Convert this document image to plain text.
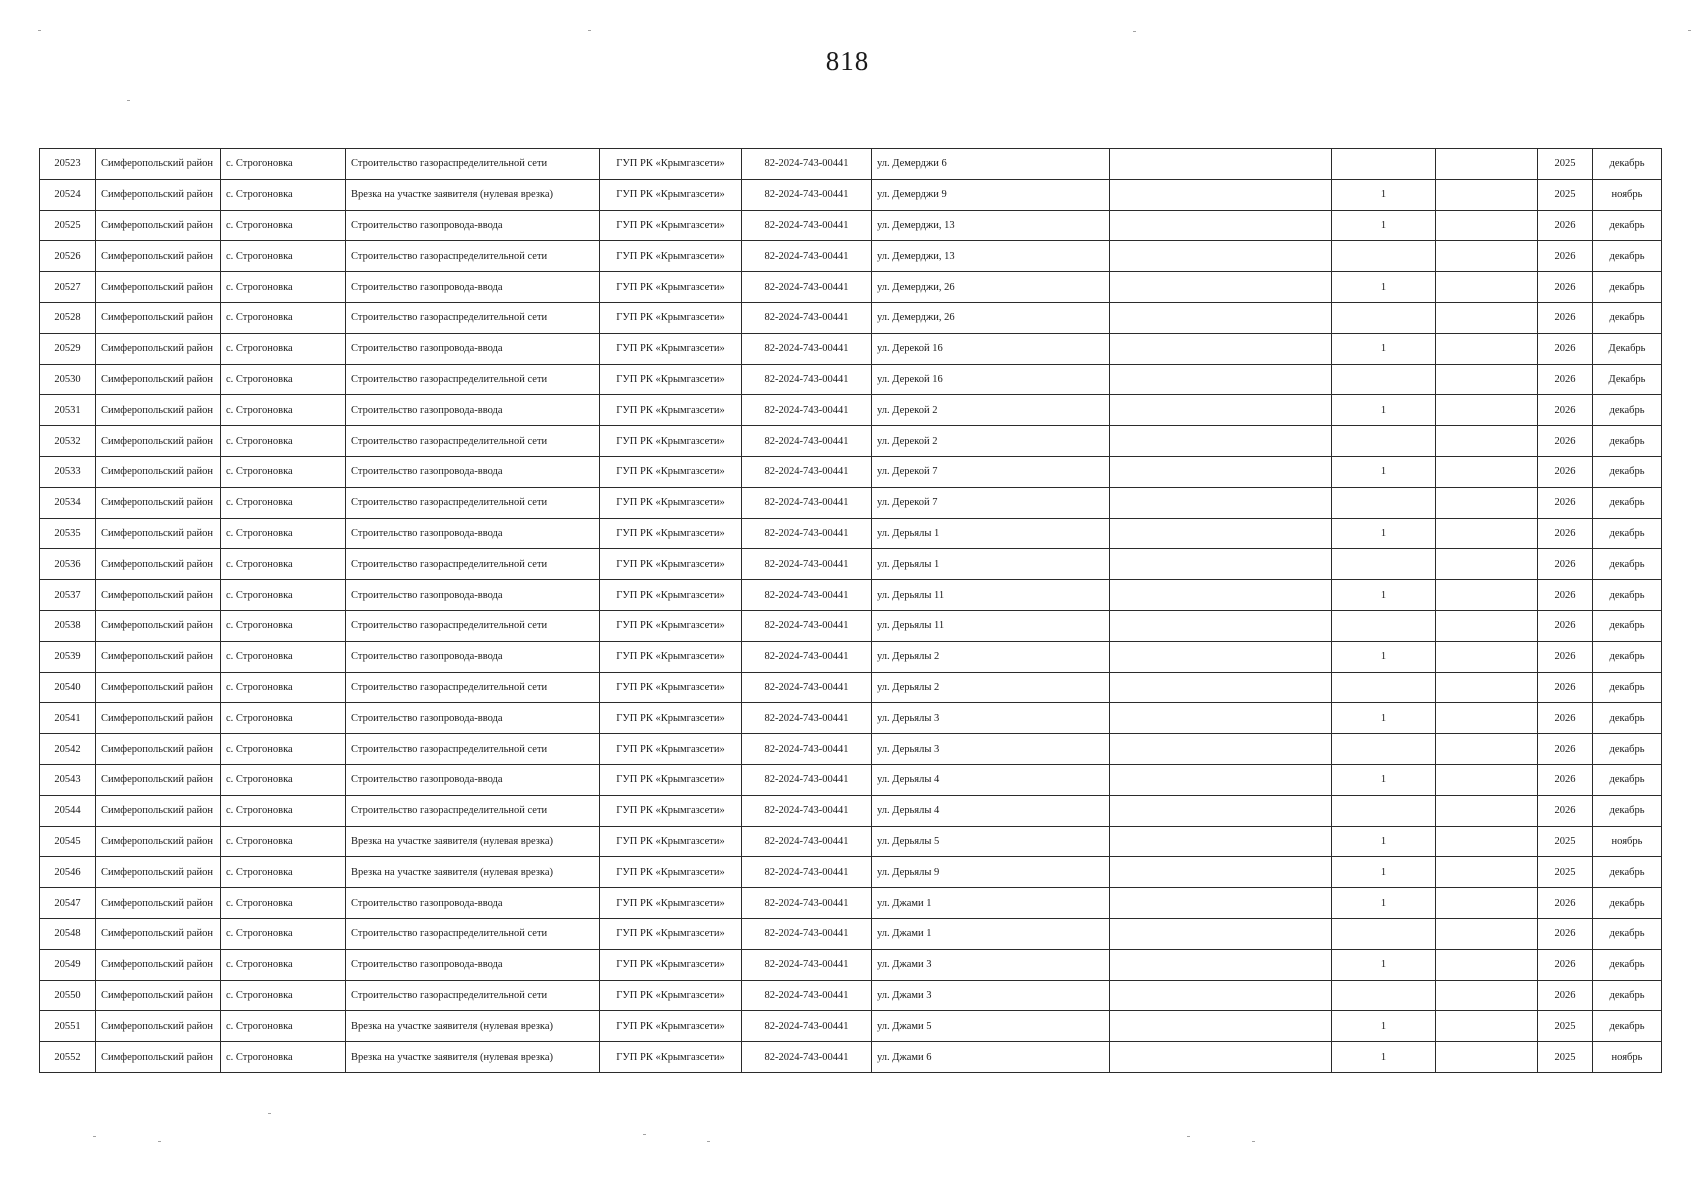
818
20523	Симферопольский район	с. Строгоновка	Строительство газораспределительной сети	ГУП РК «Крымгазсети»	82-2024-743-00441	ул. Демерджи 6				2025	декабрь
20524	Симферопольский район	с. Строгоновка	Врезка на участке заявителя (нулевая врезка)	ГУП РК «Крымгазсети»	82-2024-743-00441	ул. Демерджи 9		1		2025	ноябрь
20525	Симферопольский район	с. Строгоновка	Строительство газопровода-ввода	ГУП РК «Крымгазсети»	82-2024-743-00441	ул. Демерджи, 13		1		2026	декабрь
20526	Симферопольский район	с. Строгоновка	Строительство газораспределительной сети	ГУП РК «Крымгазсети»	82-2024-743-00441	ул. Демерджи, 13				2026	декабрь
20527	Симферопольский район	с. Строгоновка	Строительство газопровода-ввода	ГУП РК «Крымгазсети»	82-2024-743-00441	ул. Демерджи, 26		1		2026	декабрь
20528	Симферопольский район	с. Строгоновка	Строительство газораспределительной сети	ГУП РК «Крымгазсети»	82-2024-743-00441	ул. Демерджи, 26				2026	декабрь
20529	Симферопольский район	с. Строгоновка	Строительство газопровода-ввода	ГУП РК «Крымгазсети»	82-2024-743-00441	ул. Дерекой 16		1		2026	Декабрь
20530	Симферопольский район	с. Строгоновка	Строительство газораспределительной сети	ГУП РК «Крымгазсети»	82-2024-743-00441	ул. Дерекой 16				2026	Декабрь
20531	Симферопольский район	с. Строгоновка	Строительство газопровода-ввода	ГУП РК «Крымгазсети»	82-2024-743-00441	ул. Дерекой 2		1		2026	декабрь
20532	Симферопольский район	с. Строгоновка	Строительство газораспределительной сети	ГУП РК «Крымгазсети»	82-2024-743-00441	ул. Дерекой 2				2026	декабрь
20533	Симферопольский район	с. Строгоновка	Строительство газопровода-ввода	ГУП РК «Крымгазсети»	82-2024-743-00441	ул. Дерекой 7		1		2026	декабрь
20534	Симферопольский район	с. Строгоновка	Строительство газораспределительной сети	ГУП РК «Крымгазсети»	82-2024-743-00441	ул. Дерекой 7				2026	декабрь
20535	Симферопольский район	с. Строгоновка	Строительство газопровода-ввода	ГУП РК «Крымгазсети»	82-2024-743-00441	ул. Дерьялы 1		1		2026	декабрь
20536	Симферопольский район	с. Строгоновка	Строительство газораспределительной сети	ГУП РК «Крымгазсети»	82-2024-743-00441	ул. Дерьялы 1				2026	декабрь
20537	Симферопольский район	с. Строгоновка	Строительство газопровода-ввода	ГУП РК «Крымгазсети»	82-2024-743-00441	ул. Дерьялы 11		1		2026	декабрь
20538	Симферопольский район	с. Строгоновка	Строительство газораспределительной сети	ГУП РК «Крымгазсети»	82-2024-743-00441	ул. Дерьялы 11				2026	декабрь
20539	Симферопольский район	с. Строгоновка	Строительство газопровода-ввода	ГУП РК «Крымгазсети»	82-2024-743-00441	ул. Дерьялы 2		1		2026	декабрь
20540	Симферопольский район	с. Строгоновка	Строительство газораспределительной сети	ГУП РК «Крымгазсети»	82-2024-743-00441	ул. Дерьялы 2				2026	декабрь
20541	Симферопольский район	с. Строгоновка	Строительство газопровода-ввода	ГУП РК «Крымгазсети»	82-2024-743-00441	ул. Дерьялы 3		1		2026	декабрь
20542	Симферопольский район	с. Строгоновка	Строительство газораспределительной сети	ГУП РК «Крымгазсети»	82-2024-743-00441	ул. Дерьялы 3				2026	декабрь
20543	Симферопольский район	с. Строгоновка	Строительство газопровода-ввода	ГУП РК «Крымгазсети»	82-2024-743-00441	ул. Дерьялы 4		1		2026	декабрь
20544	Симферопольский район	с. Строгоновка	Строительство газораспределительной сети	ГУП РК «Крымгазсети»	82-2024-743-00441	ул. Дерьялы 4				2026	декабрь
20545	Симферопольский район	с. Строгоновка	Врезка на участке заявителя (нулевая врезка)	ГУП РК «Крымгазсети»	82-2024-743-00441	ул. Дерьялы 5		1		2025	ноябрь
20546	Симферопольский район	с. Строгоновка	Врезка на участке заявителя (нулевая врезка)	ГУП РК «Крымгазсети»	82-2024-743-00441	ул. Дерьялы 9		1		2025	декабрь
20547	Симферопольский район	с. Строгоновка	Строительство газопровода-ввода	ГУП РК «Крымгазсети»	82-2024-743-00441	ул. Джами 1		1		2026	декабрь
20548	Симферопольский район	с. Строгоновка	Строительство газораспределительной сети	ГУП РК «Крымгазсети»	82-2024-743-00441	ул. Джами 1				2026	декабрь
20549	Симферопольский район	с. Строгоновка	Строительство газопровода-ввода	ГУП РК «Крымгазсети»	82-2024-743-00441	ул. Джами 3		1		2026	декабрь
20550	Симферопольский район	с. Строгоновка	Строительство газораспределительной сети	ГУП РК «Крымгазсети»	82-2024-743-00441	ул. Джами 3				2026	декабрь
20551	Симферопольский район	с. Строгоновка	Врезка на участке заявителя (нулевая врезка)	ГУП РК «Крымгазсети»	82-2024-743-00441	ул. Джами 5		1		2025	декабрь
20552	Симферопольский район	с. Строгоновка	Врезка на участке заявителя (нулевая врезка)	ГУП РК «Крымгазсети»	82-2024-743-00441	ул. Джами 6		1		2025	ноябрь
